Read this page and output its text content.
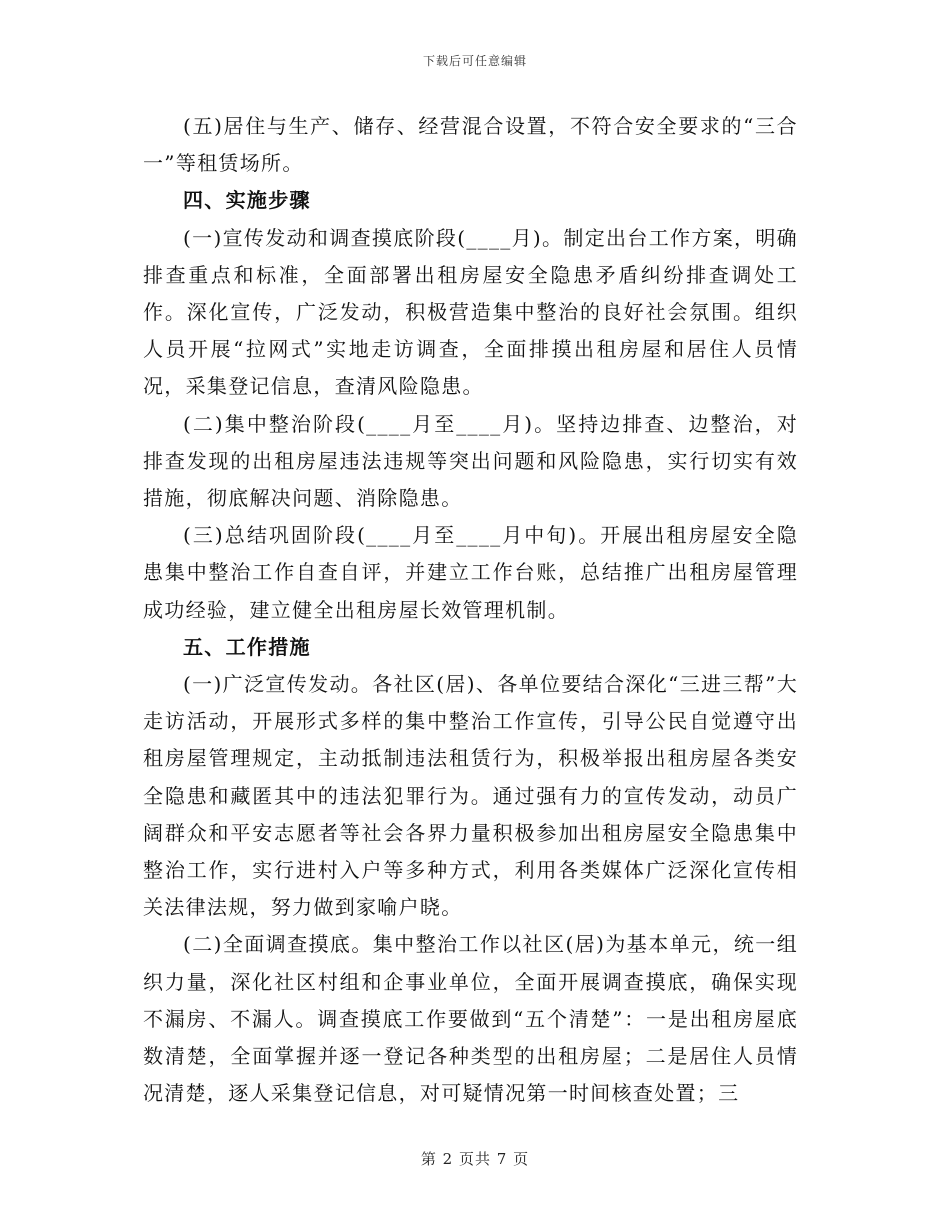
下载后可任意编辑

(五)居住与生产、储存、经营混合设置，不符合安全要求的“三合一”等租赁场所。

四、实施步骤

(一)宣传发动和调查摸底阶段(____月)。制定出台工作方案，明确排查重点和标准，全面部署出租房屋安全隐患矛盾纠纷排查调处工作。深化宣传，广泛发动，积极营造集中整治的良好社会氛围。组织人员开展“拉网式”实地走访调查，全面排摸出租房屋和居住人员情况，采集登记信息，查清风险隐患。

(二)集中整治阶段(____月至____月)。坚持边排查、边整治，对排查发现的出租房屋违法违规等突出问题和风险隐患，实行切实有效措施，彻底解决问题、消除隐患。

(三)总结巩固阶段(____月至____月中旬)。开展出租房屋安全隐患集中整治工作自查自评，并建立工作台账，总结推广出租房屋管理成功经验，建立健全出租房屋长效管理机制。

五、工作措施

(一)广泛宣传发动。各社区(居)、各单位要结合深化“三进三帮”大走访活动，开展形式多样的集中整治工作宣传，引导公民自觉遵守出租房屋管理规定，主动抵制违法租赁行为，积极举报出租房屋各类安全隐患和藏匿其中的违法犯罪行为。通过强有力的宣传发动，动员广阔群众和平安志愿者等社会各界力量积极参加出租房屋安全隐患集中整治工作，实行进村入户等多种方式，利用各类媒体广泛深化宣传相关法律法规，努力做到家喻户晓。

(二)全面调查摸底。集中整治工作以社区(居)为基本单元，统一组织力量，深化社区村组和企事业单位，全面开展调查摸底，确保实现不漏房、不漏人。调查摸底工作要做到“五个清楚”：一是出租房屋底数清楚，全面掌握并逐一登记各种类型的出租房屋；二是居住人员情况清楚，逐人采集登记信息，对可疑情况第一时间核查处置；三

第 2 页共 7 页
